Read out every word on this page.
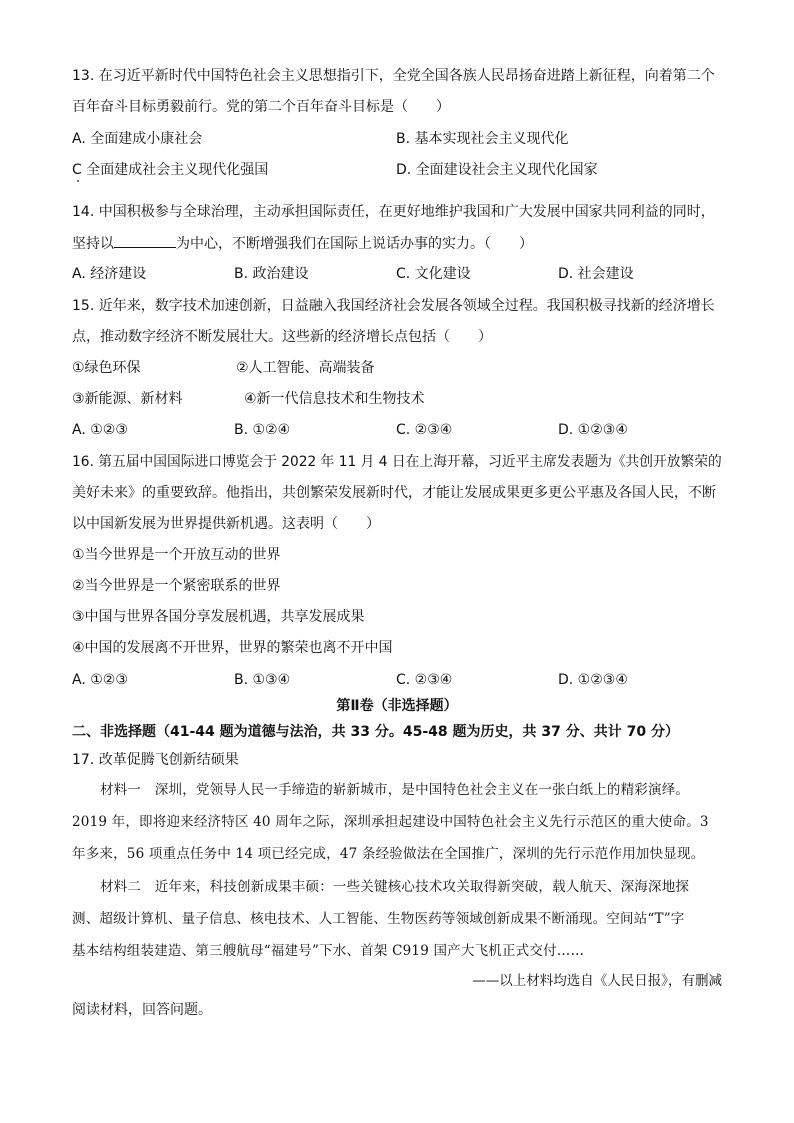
13. 在习近平新时代中国特色社会主义思想指引下，全党全国各族人民昂扬奋进踏上新征程，向着第二个
百年奋斗目标勇毅前行。党的第二个百年奋斗目标是（　　）
A. 全面建成小康社会	B. 基本实现社会主义现代化
C 全面建成社会主义现代化强国	D. 全面建设社会主义现代化国家
14. 中国积极参与全球治理，主动承担国际责任，在更好地维护我国和广大发展中国家共同利益的同时，
坚持以	为中心，不断增强我们在国际上说话办事的实力。（　　）
A. 经济建设	B. 政治建设	C. 文化建设	D. 社会建设
15. 近年来，数字技术加速创新，日益融入我国经济社会发展各领域全过程。我国积极寻找新的经济增长
点，推动数字经济不断发展壮大。这些新的经济增长点包括（　　）
①绿色环保	②人工智能、高端装备
③新能源、新材料	④新一代信息技术和生物技术
A. ①②③	B. ①②④	C. ②③④	D. ①②③④
16. 第五届中国国际进口博览会于 2022 年 11 月 4 日在上海开幕，习近平主席发表题为《共创开放繁荣的
美好未来》的重要致辞。他指出，共创繁荣发展新时代，才能让发展成果更多更公平惠及各国人民，不断
以中国新发展为世界提供新机遇。这表明（　　）
①当今世界是一个开放互动的世界
②当今世界是一个紧密联系的世界
③中国与世界各国分享发展机遇，共享发展成果
④中国的发展离不开世界，世界的繁荣也离不开中国
A. ①②③	B. ①③④	C. ②③④	D. ①②③④
第Ⅱ卷（非选择题）
二、非选择题（41-44 题为道德与法治，共 33 分。45-48 题为历史，共 37 分、共计 70 分）
17. 改革促腾飞创新结硕果
材料一　深圳，党领导人民一手缔造的崭新城市，是中国特色社会主义在一张白纸上的精彩演绎。
2019 年，即将迎来经济特区 40 周年之际，深圳承担起建设中国特色社会主义先行示范区的重大使命。3
年多来，56 项重点任务中 14 项已经完成，47 条经验做法在全国推广，深圳的先行示范作用加快显现。
材料二　近年来，科技创新成果丰硕：一些关键核心技术攻关取得新突破，载人航天、深海深地探
测、超级计算机、量子信息、核电技术、人工智能、生物医药等领域创新成果不断涌现。空间站“T”字
基本结构组装建造、第三艘航母“福建号”下水、首架 C919 国产大飞机正式交付……
——以上材料均选自《人民日报》，有删减
阅读材料，回答问题。
